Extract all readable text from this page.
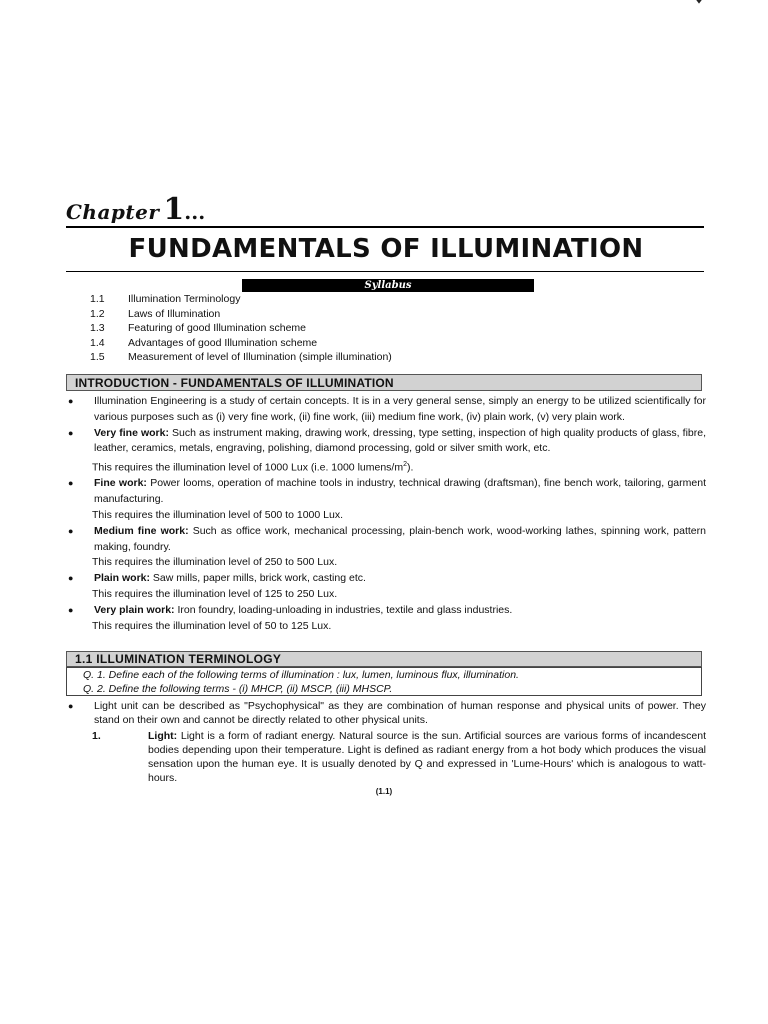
Chapter 1...
FUNDAMENTALS OF ILLUMINATION
Syllabus
1.1	Illumination Terminology
1.2	Laws of Illumination
1.3	Featuring of good Illumination scheme
1.4	Advantages of good Illumination scheme
1.5	Measurement of level of Illumination (simple illumination)
INTRODUCTION - FUNDAMENTALS OF ILLUMINATION
●	Illumination Engineering is a study of certain concepts. It is in a very general sense, simply an energy to be utilized scientifically for various purposes such as (i) very fine work, (ii) fine work, (iii) medium fine work, (iv) plain work, (v) very plain work.
●	Very fine work: Such as instrument making, drawing work, dressing, type setting, inspection of high quality products of glass, fibre, leather, ceramics, metals, engraving, polishing, diamond processing, gold or silver smith work, etc.
This requires the illumination level of 1000 Lux (i.e. 1000 lumens/$m^2$).
●	Fine work: Power looms, operation of machine tools in industry, technical drawing (draftsman), fine bench work, tailoring, garment manufacturing.
This requires the illumination level of 500 to 1000 Lux.
●	Medium fine work: Such as office work, mechanical processing, plain-bench work, wood-working lathes, spinning work, pattern making, foundry.
This requires the illumination level of 250 to 500 Lux.
●	Plain work: Saw mills, paper mills, brick work, casting etc.
This requires the illumination level of 125 to 250 Lux.
●	Very plain work: Iron foundry, loading-unloading in industries, textile and glass industries.
This requires the illumination level of 50 to 125 Lux.
1.1 ILLUMINATION TERMINOLOGY
Q. 1. Define each of the following terms of illumination : lux, lumen, luminous flux, illumination.
Q. 2. Define the following terms - (i) MHCP, (ii) MSCP, (iii) MHSCP.
●	Light unit can be described as "Psychophysical" as they are combination of human response and physical units of power. They stand on their own and cannot be directly related to other physical units.
1.	Light: Light is a form of radiant energy. Natural source is the sun. Artificial sources are various forms of incandescent bodies depending upon their temperature. Light is defined as radiant energy from a hot body which produces the visual sensation upon the human eye. It is usually denoted by Q and expressed in 'Lume-Hours' which is analogous to watt-hours.
(1.1)
